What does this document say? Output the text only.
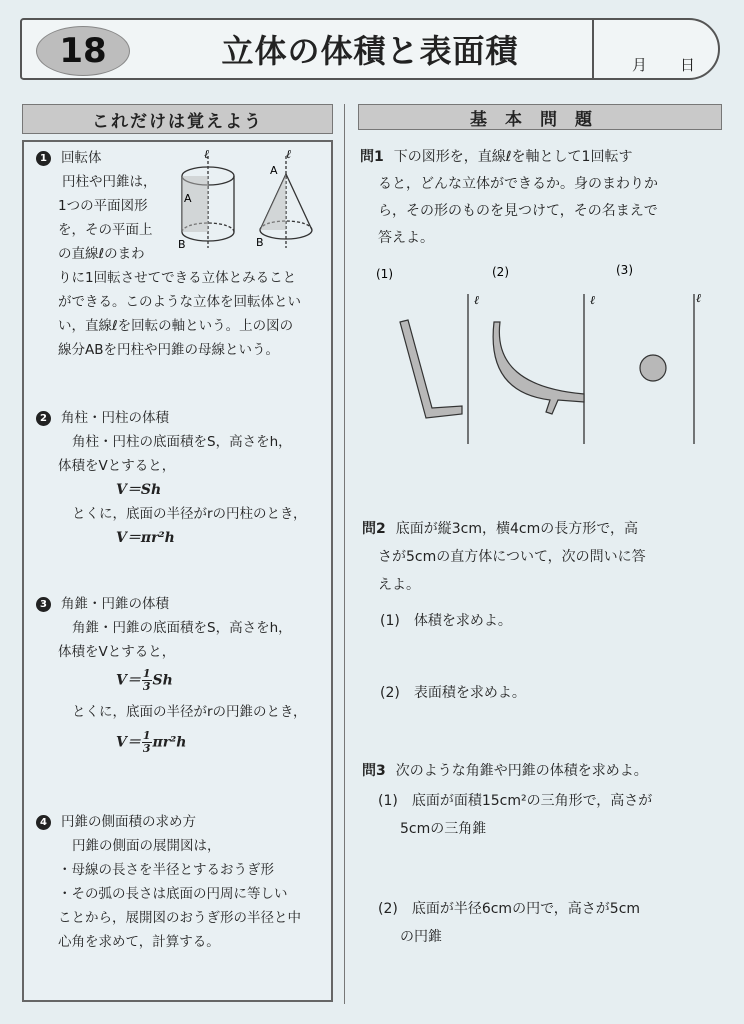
18	立体の体積と表面積	月 日
これだけは覚えよう
1 回転体
円柱や円錐は，
1つの平面図形
を，その平面上
の直線ℓのまわ
りに1回転させてできる立体とみること
ができる。このような立体を回転体とい
い，直線ℓを回転の軸という。上の図の
線分ABを円柱や円錐の母線という。
ℓ	ℓ
A
B
A
B
2 角柱・円柱の体積
角柱・円柱の底面積をS，高さをh，
体積をVとすると，
V＝Sh
とくに，底面の半径がrの円柱のとき，
V＝πr²h
3 角錐・円錐の体積
角錐・円錐の底面積をS，高さをh，
体積をVとすると，
$V= \frac{1}{3}$ Sh
とくに，底面の半径がrの円錐のとき，
$V= \frac{1}{3} \pi r^2h$
4 円錐の側面積の求め方
円錐の側面の展開図は，
・母線の長さを半径とするおうぎ形
・その弧の長さは底面の円周に等しい
ことから，展開図のおうぎ形の半径と中
心角を求めて，計算する。
基本問題
問1 下の図形を，直線ℓを軸として1回転す
ると，どんな立体ができるか。身のまわりか
ら，その形のものを見つけて，その名まえで
答えよ。
(1)	(2)	(3)
ℓ	ℓ	ℓ
問2 底面が縦3cm，横4cmの長方形で，高
さが5cmの直方体について，次の問いに答
えよ。
(1)　体積を求めよ。
(2)　表面積を求めよ。
問3 次のような角錐や円錐の体積を求めよ。
(1)　底面が面積15cm²の三角形で，高さが
5cmの三角錐
(2)　底面が半径6cmの円で，高さが5cm
の円錐
